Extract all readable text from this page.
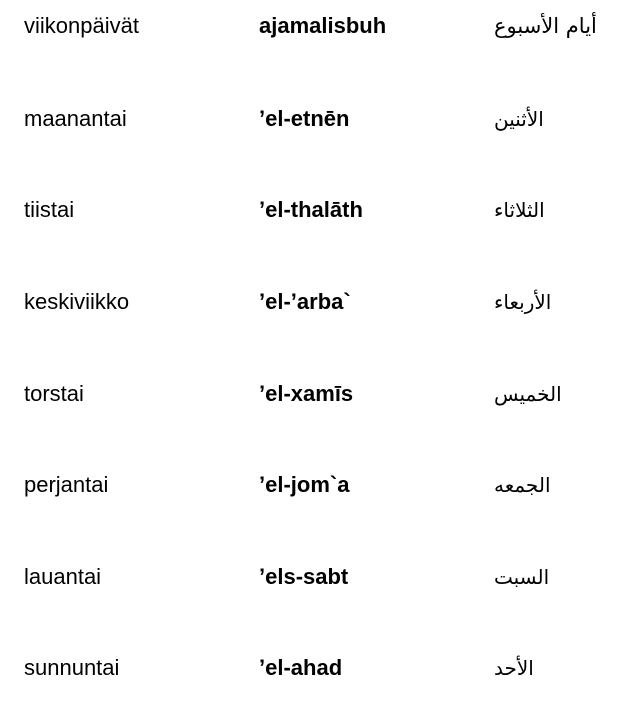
viikonpäivät	ajamalisbuh	أيام الأسبوع
maanantai	’el-etnēn	الأثنين
tiistai	’el-thalāth	الثلاثاء
keskiviikko	’el-’arba`	الأربعاء
torstai	’el-xamīs	الخميس
perjantai	’el-jom`a	الجمعه
lauantai	’els-sabt	السبت
sunnuntai	’el-ahad	الأحد
